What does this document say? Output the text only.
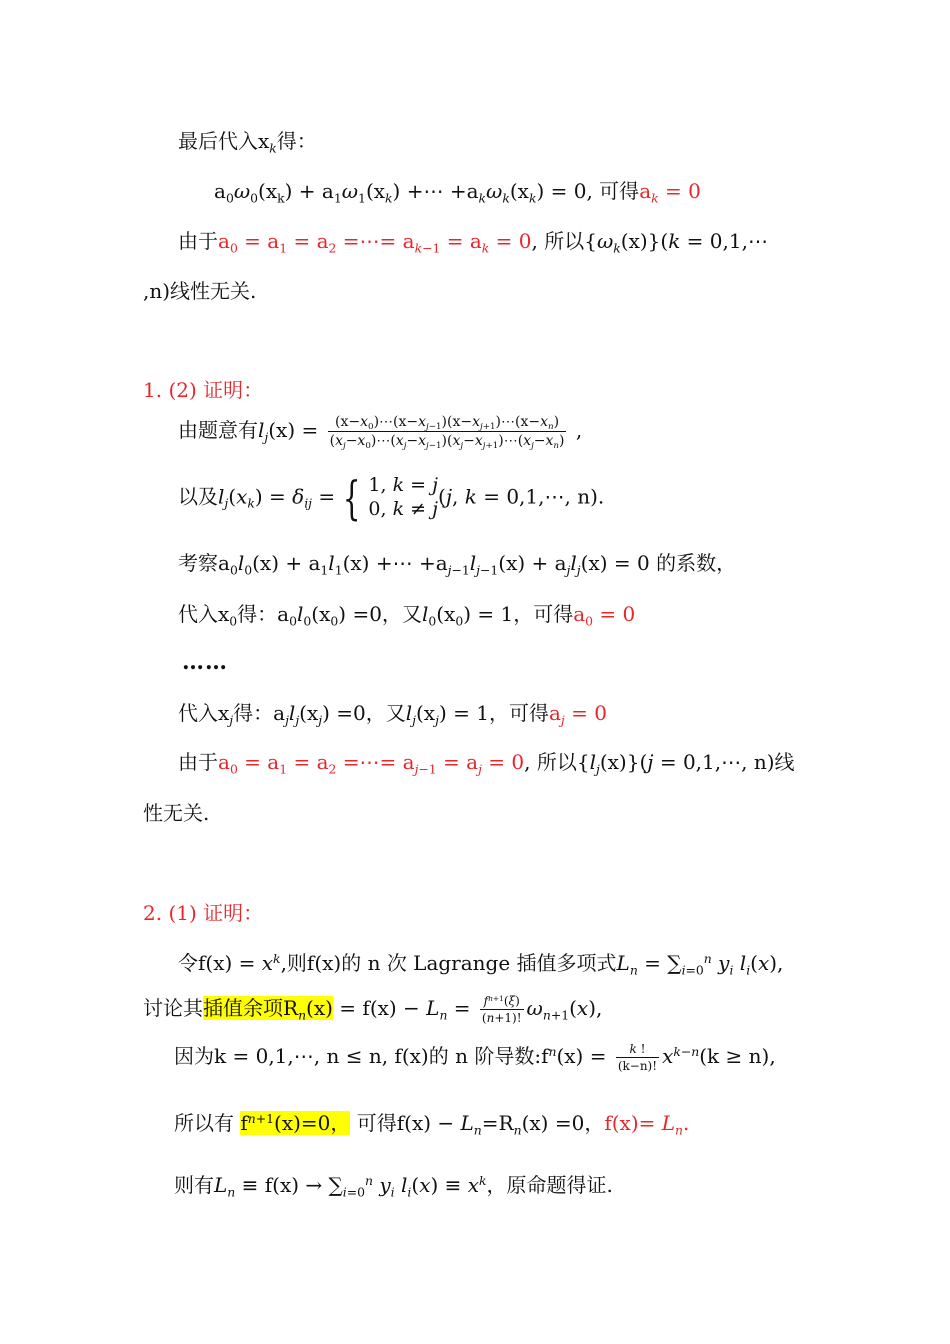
最后代入$x_k$得：
$a_0\omega_0(x_k) + a_1\omega_1(x_k)$ +⋯ $+a_k\omega_k(x_k) = 0$, 可得$a_k = 0$
由于$a_0 = a_1 = a_2$ =⋯= $a_{k-1} = a_k = 0$, 所以$\{\omega_k(x)\}(k$ = 0,1,⋯
,n)线性无关.
1. (2) 证明：
由题意有$l_j(x) = \frac{(x-x_0)\cdots(x-x_{j-1})(x-x_{j+1})\cdots(x-x_n)}{(x_j-x_0)\cdots(x_j-x_{j-1})(x_j-x_{j+1})\cdots(x_j-x_n)}$ ,
以及$l_j(x_k) = \delta_{ij}$ = { 1, k = j
0, k ≠ j
(j, k = 0,1,⋯, n).
考察$a_0l_0(x) + a_1l_1(x)$ +⋯ $+a_{j-1}l_{j-1}(x) + a_jl_j(x) = 0$ 的系数，
代入$x_0$得：$a_0l_0(x_0) =0$，又$l_0(x_0) = 1$，可得$a_0 = 0$
……
代入$x_j$得：$a_jl_j(x_j) =0$，又$l_j(x_j) = 1$，可得$a_j = 0$
由于$a_0 = a_1 = a_2$ =⋯= $a_{j-1} = a_j = 0$, 所以$\{l_j(x)\}(j$ = 0,1,⋯, n)线
性无关.
2. (1) 证明：
令$f(x) = x^k$,则f(x)的 n 次 Lagrange 插值多项式$L_n = \sum_{i=0}^n$ $y_i$ $l_i(x)$,
讨论其插值余项$R_n(x) = f(x) - L_n = \frac{f^{n+1}(\xi)}{(n+1)!} \omega_{n+1}(x)$,
因为k = 0,1,⋯, n ≤ n, f(x)的 n 阶导数$:f^n(x) = \frac{k !}{(k-n)!} x^{k-n}(k \ge n)$,
所以有 $f^{n+1}(x)=0$， 可得$f(x) - L_n=R_n(x) =0$，$f(x)= L_n$.
则有$L_n \equiv f(x) \to \sum_{i=0}^n$ $y_i$ $l_i(x) \equiv x^k$，原命题得证.
